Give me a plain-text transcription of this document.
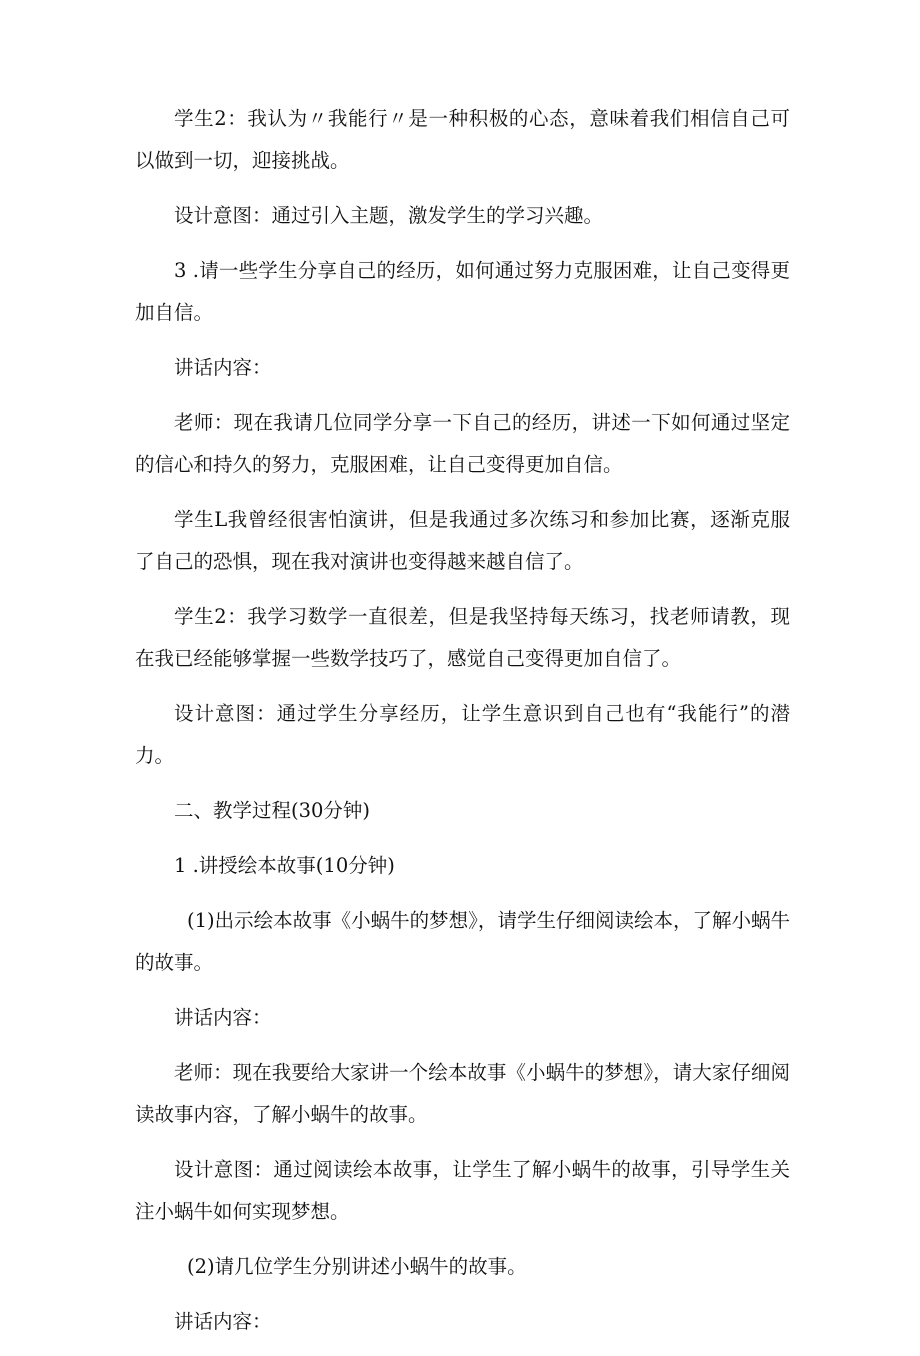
学生2：我认为〃我能行〃是一种积极的心态，意味着我们相信自己可以做到一切，迎接挑战。

设计意图：通过引入主题，激发学生的学习兴趣。

3 .请一些学生分享自己的经历，如何通过努力克服困难，让自己变得更加自信。

讲话内容：

老师：现在我请几位同学分享一下自己的经历，讲述一下如何通过坚定的信心和持久的努力，克服困难，让自己变得更加自信。

学生L我曾经很害怕演讲，但是我通过多次练习和参加比赛，逐渐克服了自己的恐惧，现在我对演讲也变得越来越自信了。

学生2：我学习数学一直很差，但是我坚持每天练习，找老师请教，现在我已经能够掌握一些数学技巧了，感觉自己变得更加自信了。

设计意图：通过学生分享经历，让学生意识到自己也有“我能行”的潜力。

二、教学过程(30分钟)

1 .讲授绘本故事(10分钟)

(1)出示绘本故事《小蜗牛的梦想》，请学生仔细阅读绘本，了解小蜗牛的故事。

讲话内容：

老师：现在我要给大家讲一个绘本故事《小蜗牛的梦想》，请大家仔细阅读故事内容，了解小蜗牛的故事。

设计意图：通过阅读绘本故事，让学生了解小蜗牛的故事，引导学生关注小蜗牛如何实现梦想。

(2)请几位学生分别讲述小蜗牛的故事。

讲话内容：
